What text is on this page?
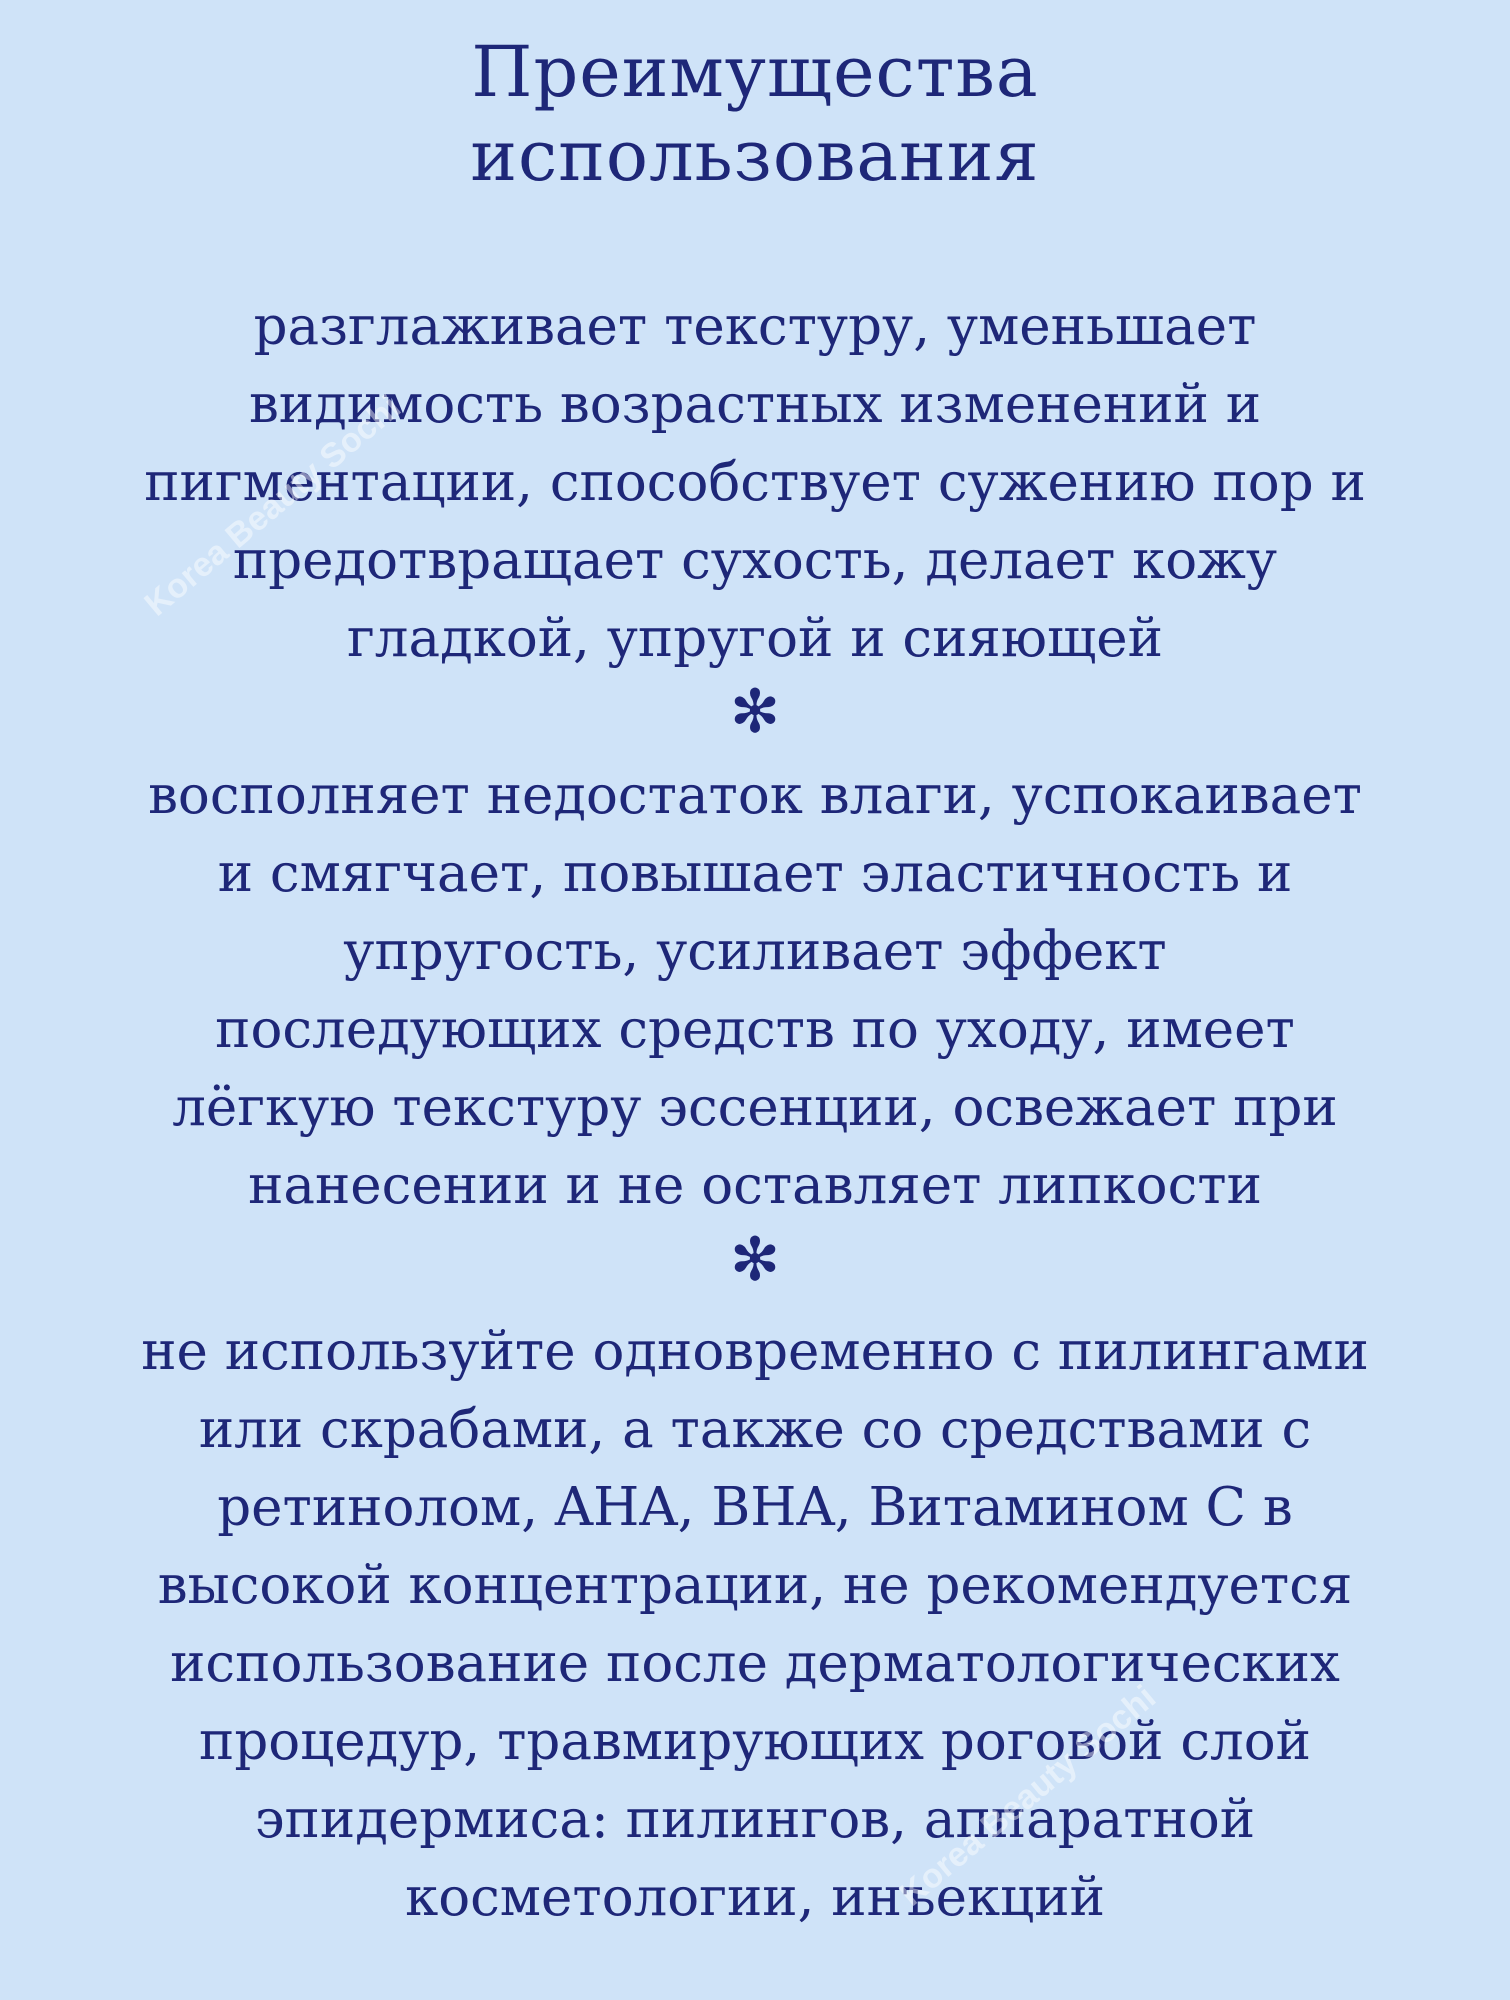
Преимущества
использования

разглаживает текстуру, уменьшает
видимость возрастных изменений и
пигментации, способствует сужению пор и
предотвращает сухость, делает кожу
гладкой, упругой и сияющей

✻

восполняет недостаток влаги, успокаивает
и смягчает, повышает эластичность и
упругость, усиливает эффект
последующих средств по уходу, имеет
лёгкую текстуру эссенции, освежает при
нанесении и не оставляет липкости

✻

не используйте одновременно с пилингами
или скрабами, а также со средствами с
ретинолом, AHA, BHA, Витамином С в
высокой концентрации, не рекомендуется
использование после дерматологических
процедур, травмирующих роговой слой
эпидермиса: пилингов, аппаратной
косметологии, инъекций

Korea Beauty Sochi
Korea Beauty Sochi
